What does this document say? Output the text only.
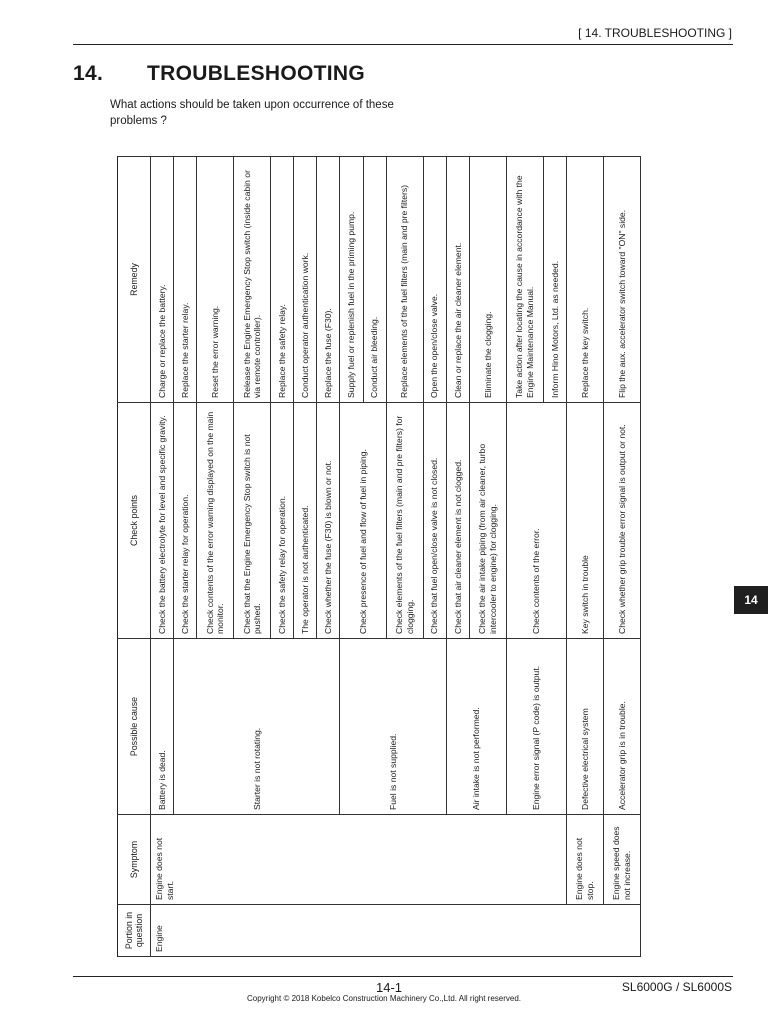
[ 14. TROUBLESHOOTING ]
14. TROUBLESHOOTING
What actions should be taken upon occurrence of these problems ?
Portion in question	Symptom	Possible cause	Check points	Remedy
Engine	Engine does not start.	Battery is dead.	Check the battery electrolyte for level and specific gravity.	Charge or replace the battery.
		Starter is not rotating.	Check the starter relay for operation.	Replace the starter relay.
			Check contents of the error warning displayed on the main monitor.	Reset the error warning.
			Check that the Engine Emergency Stop switch is not pushed.	Release the Engine Emergency Stop switch (inside cabin or via remote controller).
			Check the safety relay for operation.	Replace the safety relay.
			The operator is not authenticated.	Conduct operator authentication work.
			Check whether the fuse (F30) is blown or not.	Replace the fuse (F30).
		Fuel is not supplied.	Check presence of fuel and flow of fuel in piping.	Supply fuel or replenish fuel in the priming pump.
				Conduct air bleeding.
			Check elements of the fuel filters (main and pre filters) for clogging.	Replace elements of the fuel filters (main and pre filters)
			Check that fuel open/close valve is not closed.	Open the open/close valve.
		Air intake is not performed.	Check that air cleaner element is not clogged.	Clean or replace the air cleaner element.
			Check the air intake piping (from air cleaner, turbo intercooler to engine) for clogging.	Eliminate the clogging.
		Engine error signal (P code) is output.	Check contents of the error.	Take action after locating the cause in accordance with the Engine Maintenance Manual.
				Inform Hino Motors, Ltd. as needed.
	Engine does not stop.	Defective electrical system	Key switch in trouble	Replace the key switch.
	Engine speed does not increase.	Accelerator grip is in trouble.	Check whether grip trouble error signal is output or not.	Flip the aux. accelerator switch toward "ON" side.
14
14-1	SL6000G / SL6000S
Copyright © 2018 Kobelco Construction Machinery Co.,Ltd. All right reserved.
